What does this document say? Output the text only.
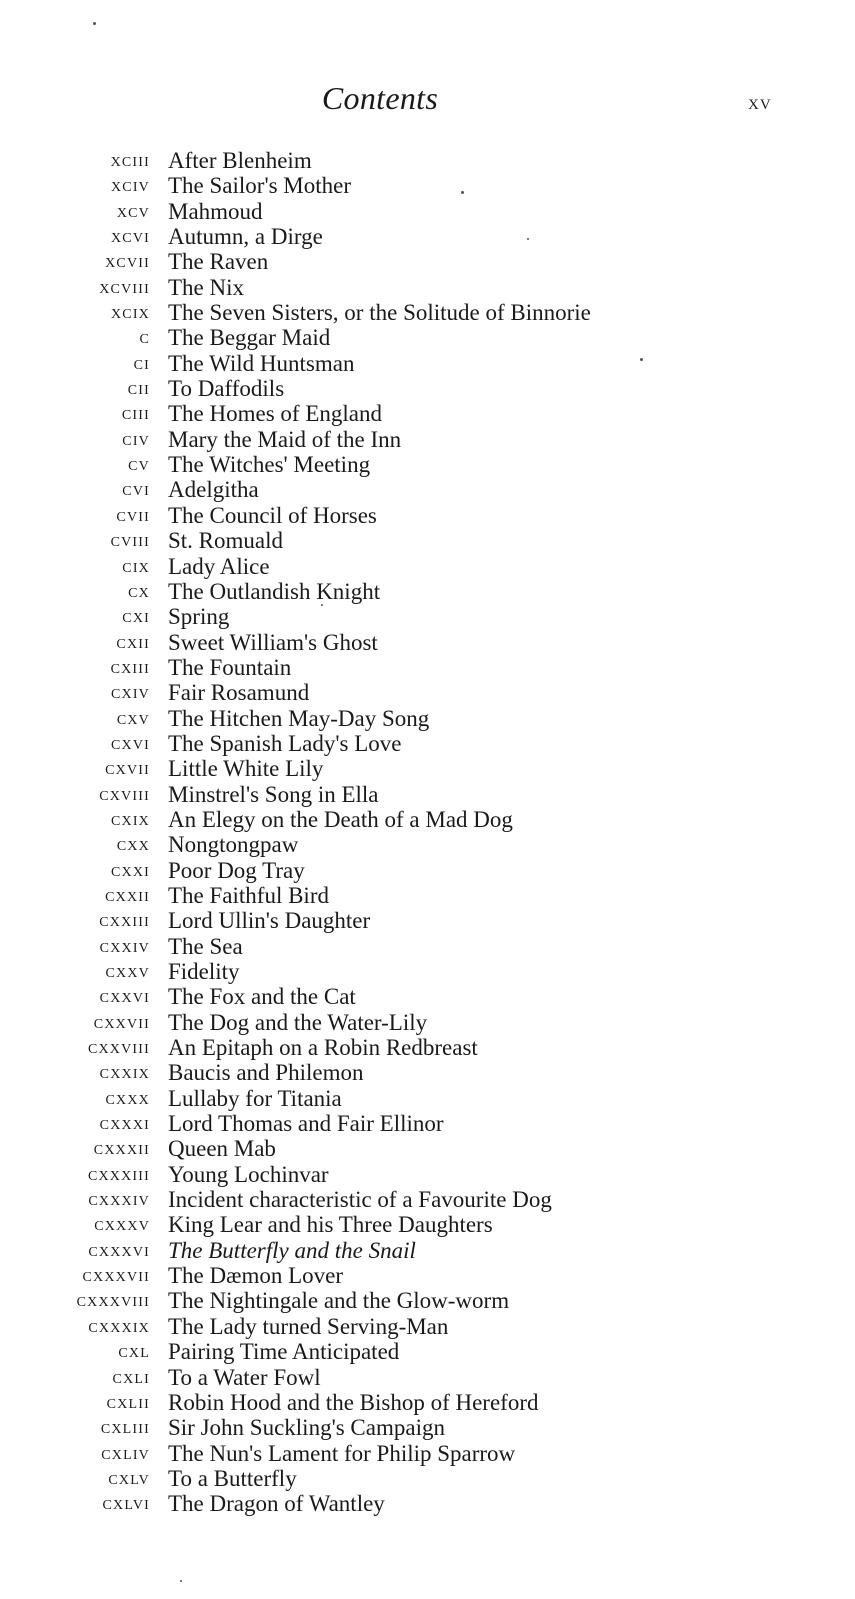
Contents	xv
xciii After Blenheim
xciv The Sailor's Mother
xcv Mahmoud
xcvi Autumn, a Dirge
xcvii The Raven
xcviii The Nix
xcix The Seven Sisters, or the Solitude of Binnorie
c The Beggar Maid
ci The Wild Huntsman
cii To Daffodils
ciii The Homes of England
civ Mary the Maid of the Inn
cv The Witches' Meeting
cvi Adelgitha
cvii The Council of Horses
cviii St. Romuald
cix Lady Alice
cx The Outlandish Knight
cxi Spring
cxii Sweet William's Ghost
cxiii The Fountain
cxiv Fair Rosamund
cxv The Hitchen May-Day Song
cxvi The Spanish Lady's Love
cxvii Little White Lily
cxviii Minstrel's Song in Ella
cxix An Elegy on the Death of a Mad Dog
cxx Nongtongpaw
cxxi Poor Dog Tray
cxxii The Faithful Bird
cxxiii Lord Ullin's Daughter
cxxiv The Sea
cxxv Fidelity
cxxvi The Fox and the Cat
cxxvii The Dog and the Water-Lily
cxxviii An Epitaph on a Robin Redbreast
cxxix Baucis and Philemon
cxxx Lullaby for Titania
cxxxi Lord Thomas and Fair Ellinor
cxxxii Queen Mab
cxxxiii Young Lochinvar
cxxxiv Incident characteristic of a Favourite Dog
cxxxv King Lear and his Three Daughters
cxxxvi The Butterfly and the Snail
cxxxvii The Dæmon Lover
cxxxviii The Nightingale and the Glow-worm
cxxxix The Lady turned Serving-Man
cxl Pairing Time Anticipated
cxli To a Water Fowl
cxlii Robin Hood and the Bishop of Hereford
cxliii Sir John Suckling's Campaign
cxliv The Nun's Lament for Philip Sparrow
cxlv To a Butterfly
cxlvi The Dragon of Wantley
